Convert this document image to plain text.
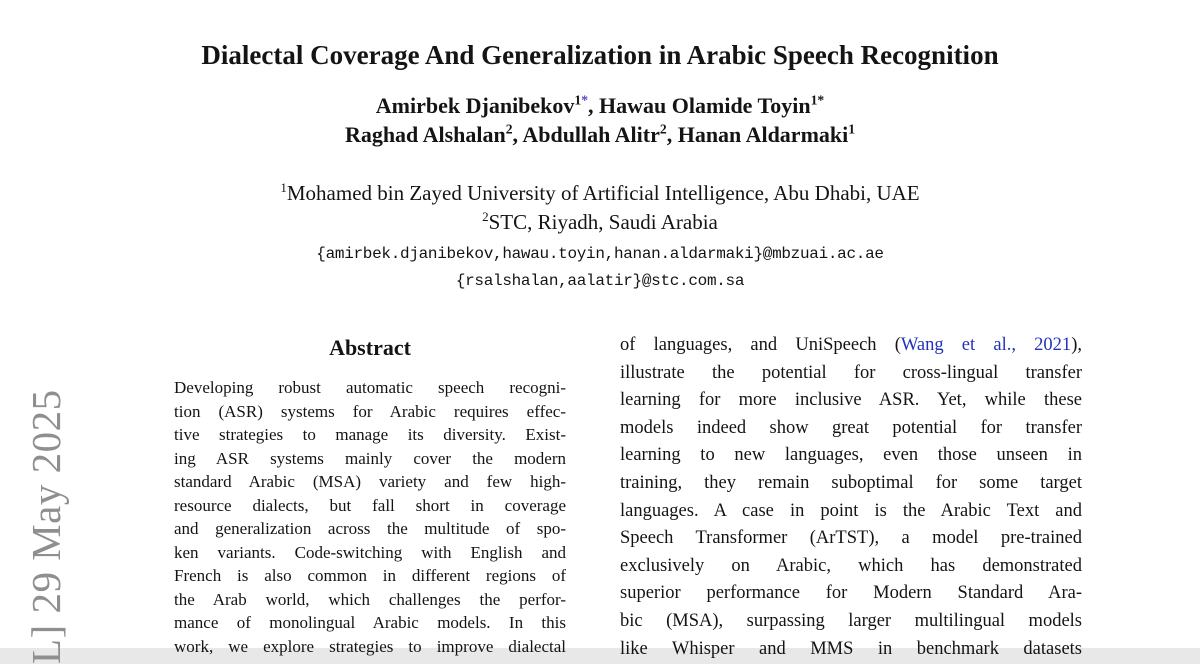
L] 29 May 2025
Dialectal Coverage And Generalization in Arabic Speech Recognition
Amirbek Djanibekov$^{1*}$, Hawau Olamide Toyin$^{1*}$
Raghad Alshalan$^2$, Abdullah Alitr$^2$, Hanan Aldarmaki$^1$
$^1$Mohamed bin Zayed University of Artificial Intelligence, Abu Dhabi, UAE
$^2$STC, Riyadh, Saudi Arabia
{amirbek.djanibekov,hawau.toyin,hanan.aldarmaki}@mbzuai.ac.ae
{rsalshalan,aalatir}@stc.com.sa
Abstract
Developing robust automatic speech recogni-
tion (ASR) systems for Arabic requires effec-
tive strategies to manage its diversity. Exist-
ing ASR systems mainly cover the modern
standard Arabic (MSA) variety and few high-
resource dialects, but fall short in coverage
and generalization across the multitude of spo-
ken variants. Code-switching with English and
French is also common in different regions of
the Arab world, which challenges the perfor-
mance of monolingual Arabic models. In this
work, we explore strategies to improve dialectal
of languages, and UniSpeech (Wang et al., 2021),
illustrate the potential for cross-lingual transfer
learning for more inclusive ASR. Yet, while these
models indeed show great potential for transfer
learning to new languages, even those unseen in
training, they remain suboptimal for some target
languages. A case in point is the Arabic Text and
Speech Transformer (ArTST), a model pre-trained
exclusively on Arabic, which has demonstrated
superior performance for Modern Standard Ara-
bic (MSA), surpassing larger multilingual models
like Whisper and MMS in benchmark datasets
